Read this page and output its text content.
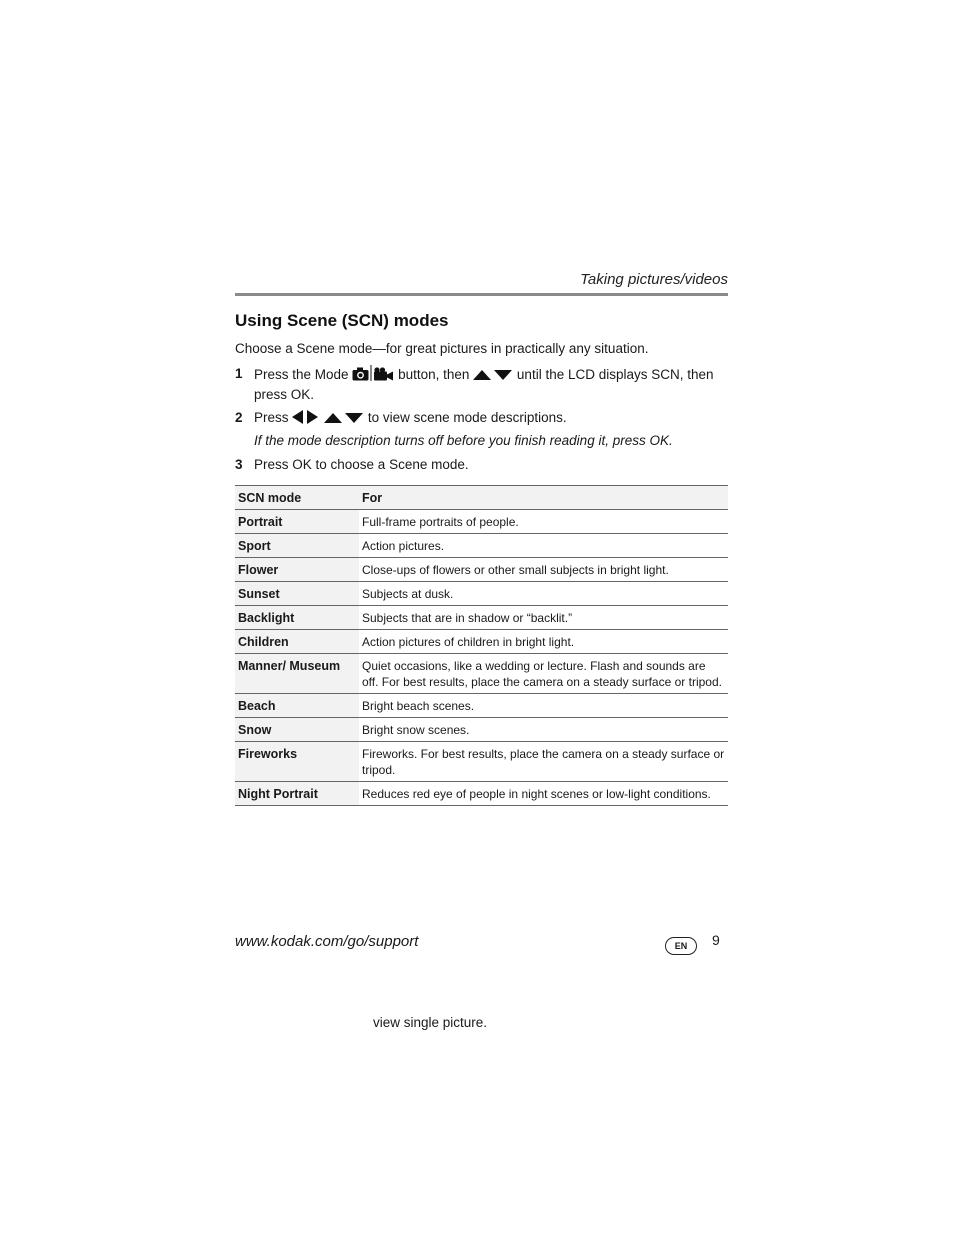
Taking pictures/videos
Using Scene (SCN) modes
Choose a Scene mode—for great pictures in practically any situation.
1 Press the Mode	button, then	until the LCD displays SCN, then press OK.
2 Press	to view scene mode descriptions.
If the mode description turns off before you finish reading it, press OK.
3 Press OK to choose a Scene mode.
SCN mode	For
Portrait	Full-frame portraits of people.
Sport	Action pictures.
Flower	Close-ups of flowers or other small subjects in bright light.
Sunset	Subjects at dusk.
Backlight	Subjects that are in shadow or “backlit.”
Children	Action pictures of children in bright light.
Manner/ Museum	Quiet occasions, like a wedding or lecture. Flash and sounds are off. For best results, place the camera on a steady surface or tripod.
Beach	Bright beach scenes.
Snow	Bright snow scenes.
Fireworks	Fireworks. For best results, place the camera on a steady surface or tripod.
Night Portrait	Reduces red eye of people in night scenes or low-light conditions.
www.kodak.com/go/support	EN	9
view single picture.
